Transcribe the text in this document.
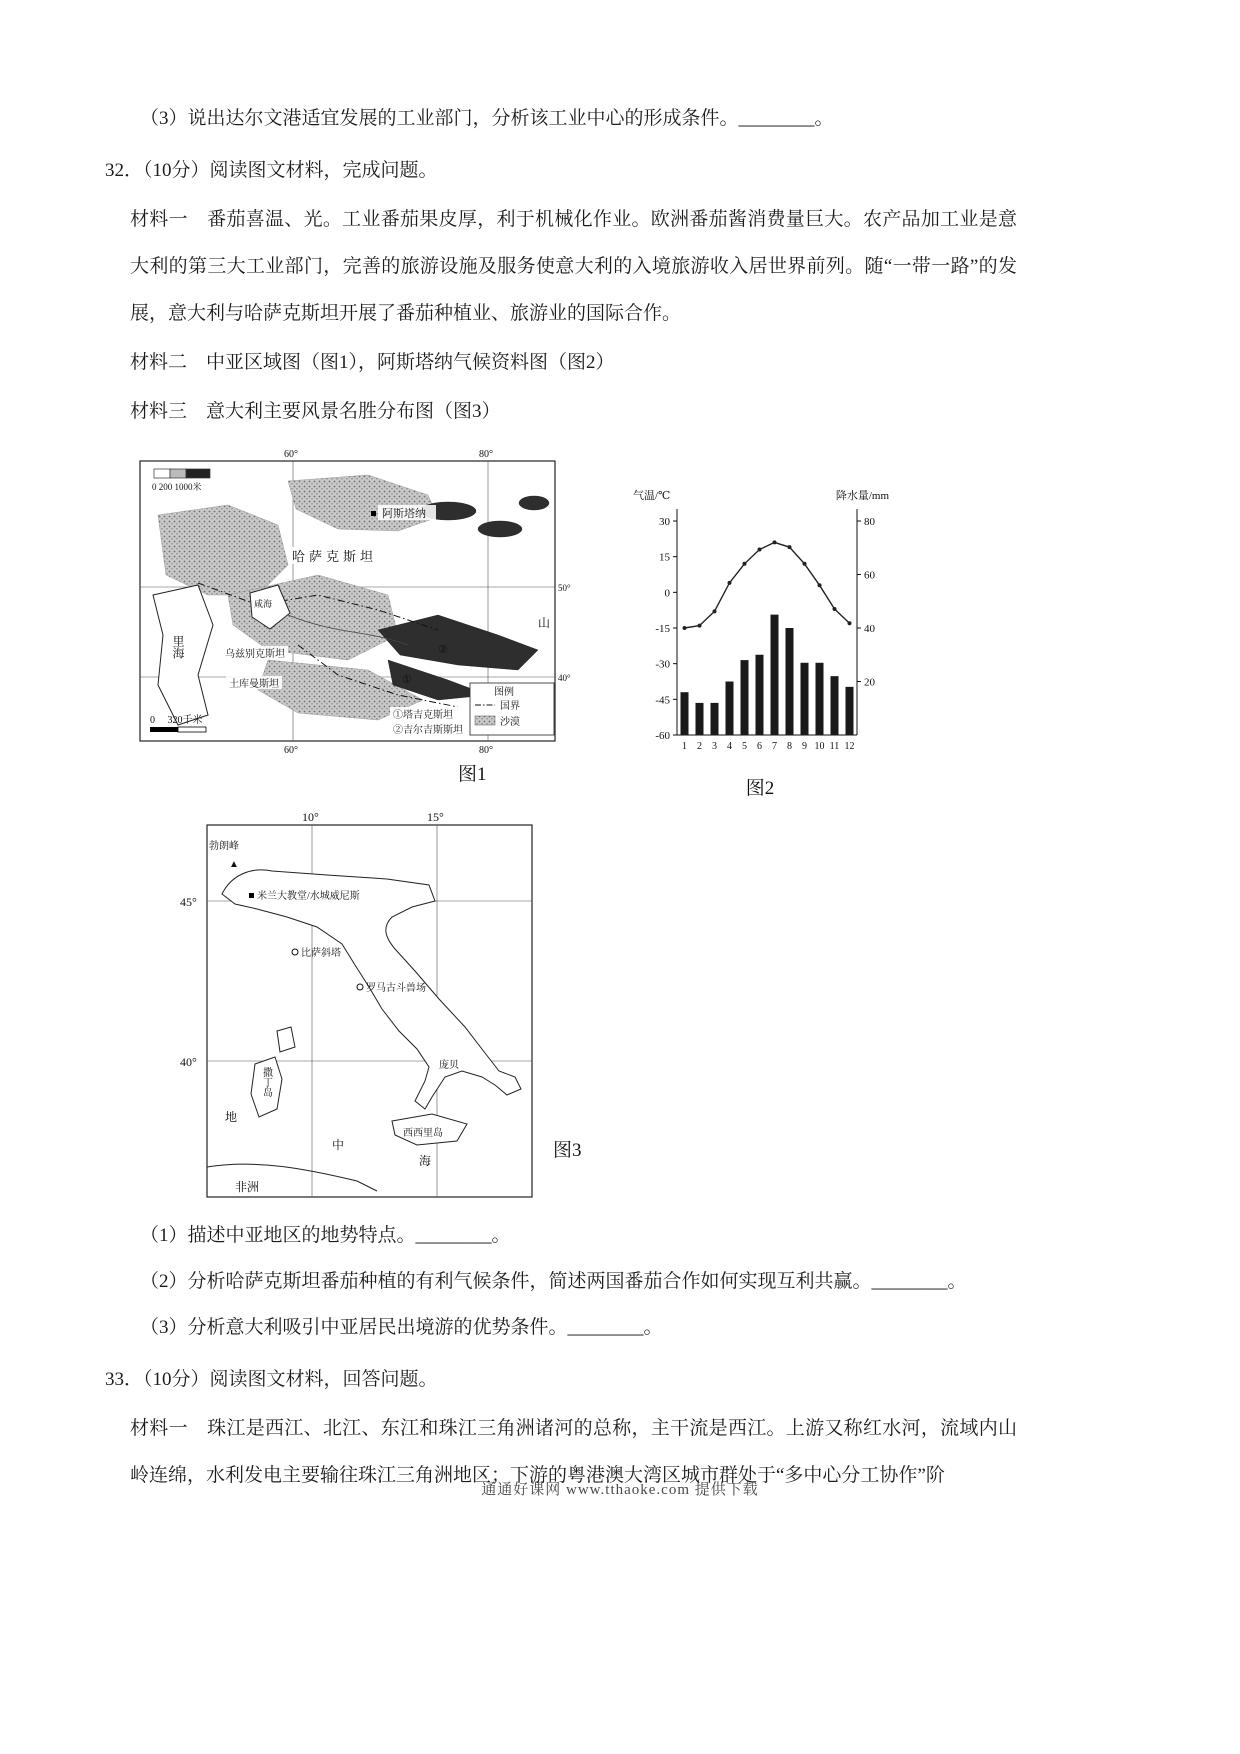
（3）说出达尔文港适宜发展的工业部门，分析该工业中心的形成条件。________。

32．（10分）阅读图文材料，完成问题。

材料一　番茄喜温、光。工业番茄果皮厚，利于机械化作业。欧洲番茄酱消费量巨大。农产品加工业是意大利的第三大工业部门，完善的旅游设施及服务使意大利的入境旅游收入居世界前列。随“一带一路”的发展，意大利与哈萨克斯坦开展了番茄种植业、旅游业的国际合作。

材料二　中亚区域图（图1），阿斯塔纳气候资料图（图2）

材料三　意大利主要风景名胜分布图（图3）

60°	80°
60°	80°
50°
40°
里海
咸海
0 200 1000米
阿斯塔纳
哈萨克斯坦
乌兹别克斯坦
土库曼斯坦
山
①
②
图例
国界
沙漠
①塔吉克斯坦
②吉尔吉斯斯坦
0　 320千米
图1
气温/℃	降水量/mm
30
15
0
-15
-30
-45
-60
80
60
40
20
1 2 3 4 5 6 7 8 9 10 11 12
图2
10°	15°
45°
40°
勃朗峰
▲
米兰大教堂/水城威尼斯
比萨斜塔
罗马古斗兽场
庞贝
撒丁岛
西西里岛
地
中
海
非洲
图3

（1）描述中亚地区的地势特点。________。

（2）分析哈萨克斯坦番茄种植的有利气候条件，简述两国番茄合作如何实现互利共赢。________。

（3）分析意大利吸引中亚居民出境游的优势条件。________。

33．（10分）阅读图文材料，回答问题。

材料一　珠江是西江、北江、东江和珠江三角洲诸河的总称，主干流是西江。上游又称红水河，流域内山岭连绵，水利发电主要输往珠江三角洲地区；下游的粤港澳大湾区城市群处于“多中心分工协作”阶

通通好课网 www.tthaoke.com 提供下载
